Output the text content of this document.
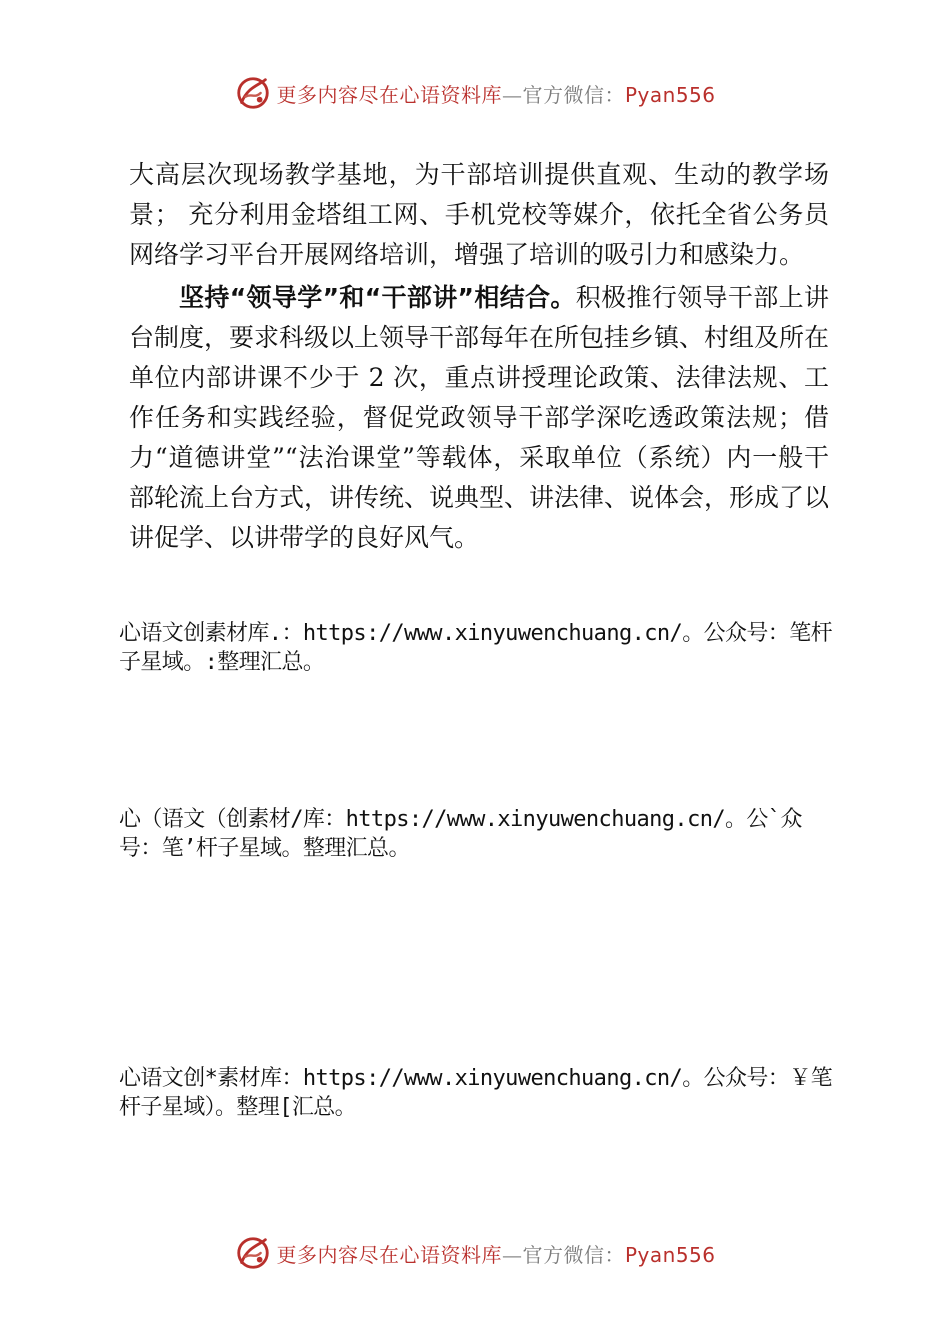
更多内容尽在心语资料库—官方微信：Pyan556

大高层次现场教学基地，为干部培训提供直观、生动的教学场景； 充分利用金塔组工网、手机党校等媒介，依托全省公务员网络学习平台开展网络培训，增强了培训的吸引力和感染力。

坚持“领导学”和“干部讲”相结合。积极推行领导干部上讲台制度，要求科级以上领导干部每年在所包挂乡镇、村组及所在单位内部讲课不少于 2 次，重点讲授理论政策、法律法规、工作任务和实践经验，督促党政领导干部学深吃透政策法规；借力“道德讲堂”“法治课堂”等载体，采取单位（系统）内一般干部轮流上台方式，讲传统、说典型、讲法律、说体会，形成了以讲促学、以讲带学的良好风气。

心语文创素材库.：https://www.xinyuwenchuang.cn/。公众号：笔杆子星域。:整理汇总。

心（语文（创素材/库：https://www.xinyuwenchuang.cn/。公`众号：笔’杆子星域。整理汇总。

心语文创*素材库：https://www.xinyuwenchuang.cn/。公众号：￥笔杆子星域）。整理[汇总。

更多内容尽在心语资料库—官方微信：Pyan556
